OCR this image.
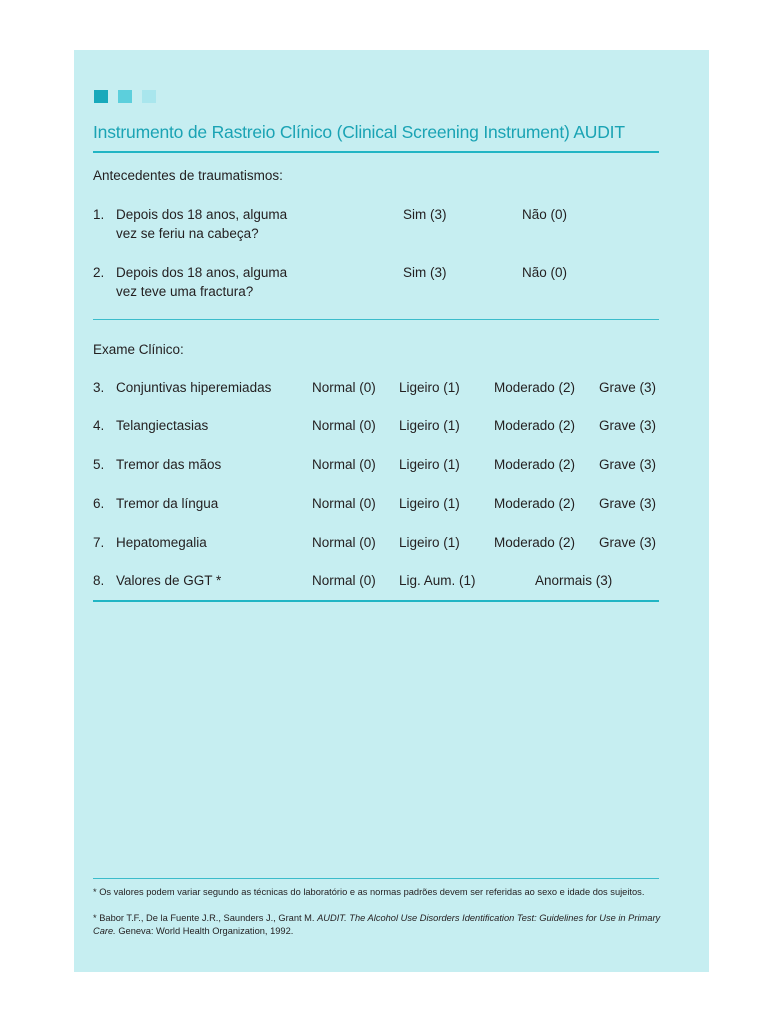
Instrumento de Rastreio Clínico (Clinical Screening Instrument) AUDIT
Antecedentes de traumatismos:
1. Depois dos 18 anos, alguma
vez se feriu na cabeça?
Sim (3)	Não (0)
2. Depois dos 18 anos, alguma
vez teve uma fractura?
Sim (3)	Não (0)
Exame Clínico:
3. Conjuntivas hiperemiadas	Normal (0) Ligeiro (1)	Moderado (2) Grave (3)
4. Telangiectasias	Normal (0) Ligeiro (1)	Moderado (2) Grave (3)
5. Tremor das mãos	Normal (0) Ligeiro (1)	Moderado (2) Grave (3)
6. Tremor da língua	Normal (0) Ligeiro (1)	Moderado (2) Grave (3)
7. Hepatomegalia	Normal (0) Ligeiro (1)	Moderado (2) Grave (3)
8. Valores de GGT *	Normal (0) Lig. Aum. (1)	Anormais (3)
* Os valores podem variar segundo as técnicas do laboratório e as normas padrões devem ser referidas ao sexo e idade dos sujeitos.
* Babor T.F., De la Fuente J.R., Saunders J., Grant M. AUDIT. The Alcohol Use Disorders Identification Test: Guidelines for Use in Primary Care. Geneva: World Health Organization, 1992.
